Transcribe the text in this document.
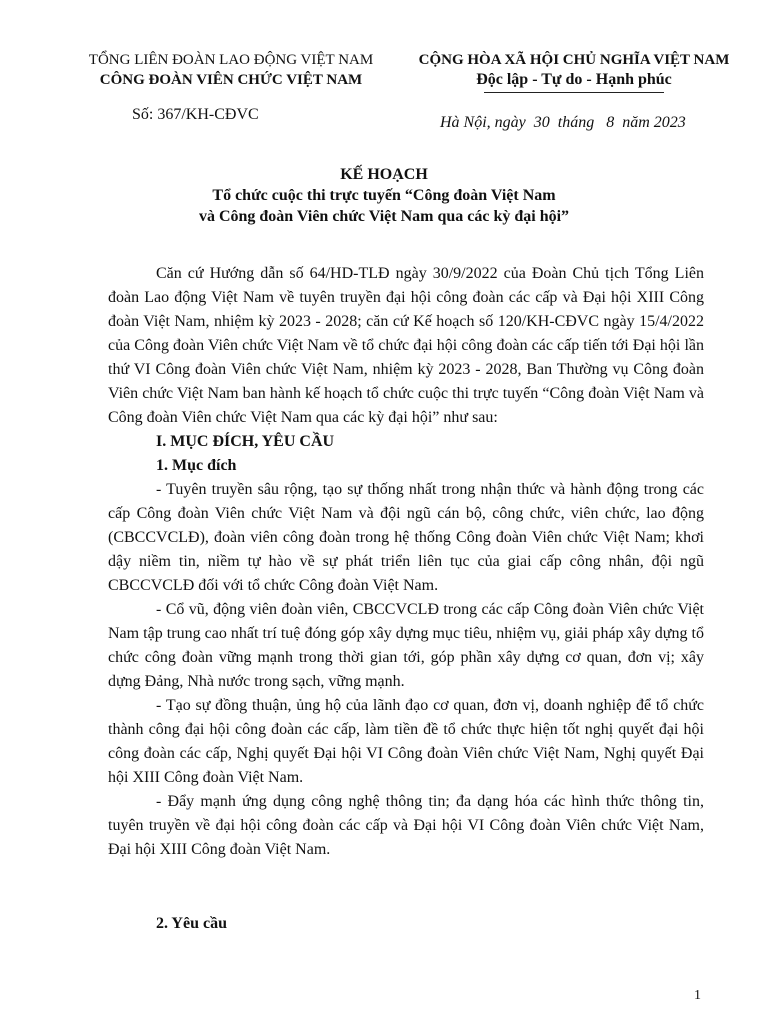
TỔNG LIÊN ĐOÀN LAO ĐỘNG VIỆT NAM
CÔNG ĐOÀN VIÊN CHỨC VIỆT NAM
CỘNG HÒA XÃ HỘI CHỦ NGHĨA VIỆT NAM
Độc lập - Tự do - Hạnh phúc
Số: 367/KH-CĐVC	Hà Nội, ngày  30  tháng   8  năm 2023
KẾ HOẠCH
Tổ chức cuộc thi trực tuyến “Công đoàn Việt Nam
và Công đoàn Viên chức Việt Nam qua các kỳ đại hội”

Căn cứ Hướng dẫn số 64/HD-TLĐ ngày 30/9/2022 của Đoàn Chủ tịch Tổng Liên đoàn Lao động Việt Nam về tuyên truyền đại hội công đoàn các cấp và Đại hội XIII Công đoàn Việt Nam, nhiệm kỳ 2023 - 2028; căn cứ Kế hoạch số 120/KH-CĐVC ngày 15/4/2022 của Công đoàn Viên chức Việt Nam về tổ chức đại hội công đoàn các cấp tiến tới Đại hội lần thứ VI Công đoàn Viên chức Việt Nam, nhiệm kỳ 2023 - 2028, Ban Thường vụ Công đoàn Viên chức Việt Nam ban hành kế hoạch tổ chức cuộc thi trực tuyến “Công đoàn Việt Nam và Công đoàn Viên chức Việt Nam qua các kỳ đại hội” như sau:

I. MỤC ĐÍCH, YÊU CẦU
1. Mục đích

- Tuyên truyền sâu rộng, tạo sự thống nhất trong nhận thức và hành động trong các cấp Công đoàn Viên chức Việt Nam và đội ngũ cán bộ, công chức, viên chức, lao động (CBCCVCLĐ), đoàn viên công đoàn trong hệ thống Công đoàn Viên chức Việt Nam; khơi dậy niềm tin, niềm tự hào về sự phát triển liên tục của giai cấp công nhân, đội ngũ CBCCVCLĐ đối với tổ chức Công đoàn Việt Nam.

- Cổ vũ, động viên đoàn viên, CBCCVCLĐ trong các cấp Công đoàn Viên chức Việt Nam tập trung cao nhất trí tuệ đóng góp xây dựng mục tiêu, nhiệm vụ, giải pháp xây dựng tổ chức công đoàn vững mạnh trong thời gian tới, góp phần xây dựng cơ quan, đơn vị; xây dựng Đảng, Nhà nước trong sạch, vững mạnh.

- Tạo sự đồng thuận, ủng hộ của lãnh đạo cơ quan, đơn vị, doanh nghiệp để tổ chức thành công đại hội công đoàn các cấp, làm tiền đề tổ chức thực hiện tốt nghị quyết đại hội công đoàn các cấp, Nghị quyết Đại hội VI Công đoàn Viên chức Việt Nam, Nghị quyết Đại hội XIII Công đoàn Việt Nam.

- Đẩy mạnh ứng dụng công nghệ thông tin; đa dạng hóa các hình thức thông tin, tuyên truyền về đại hội công đoàn các cấp và Đại hội VI Công đoàn Viên chức Việt Nam, Đại hội XIII Công đoàn Việt Nam.

2. Yêu cầu
1
